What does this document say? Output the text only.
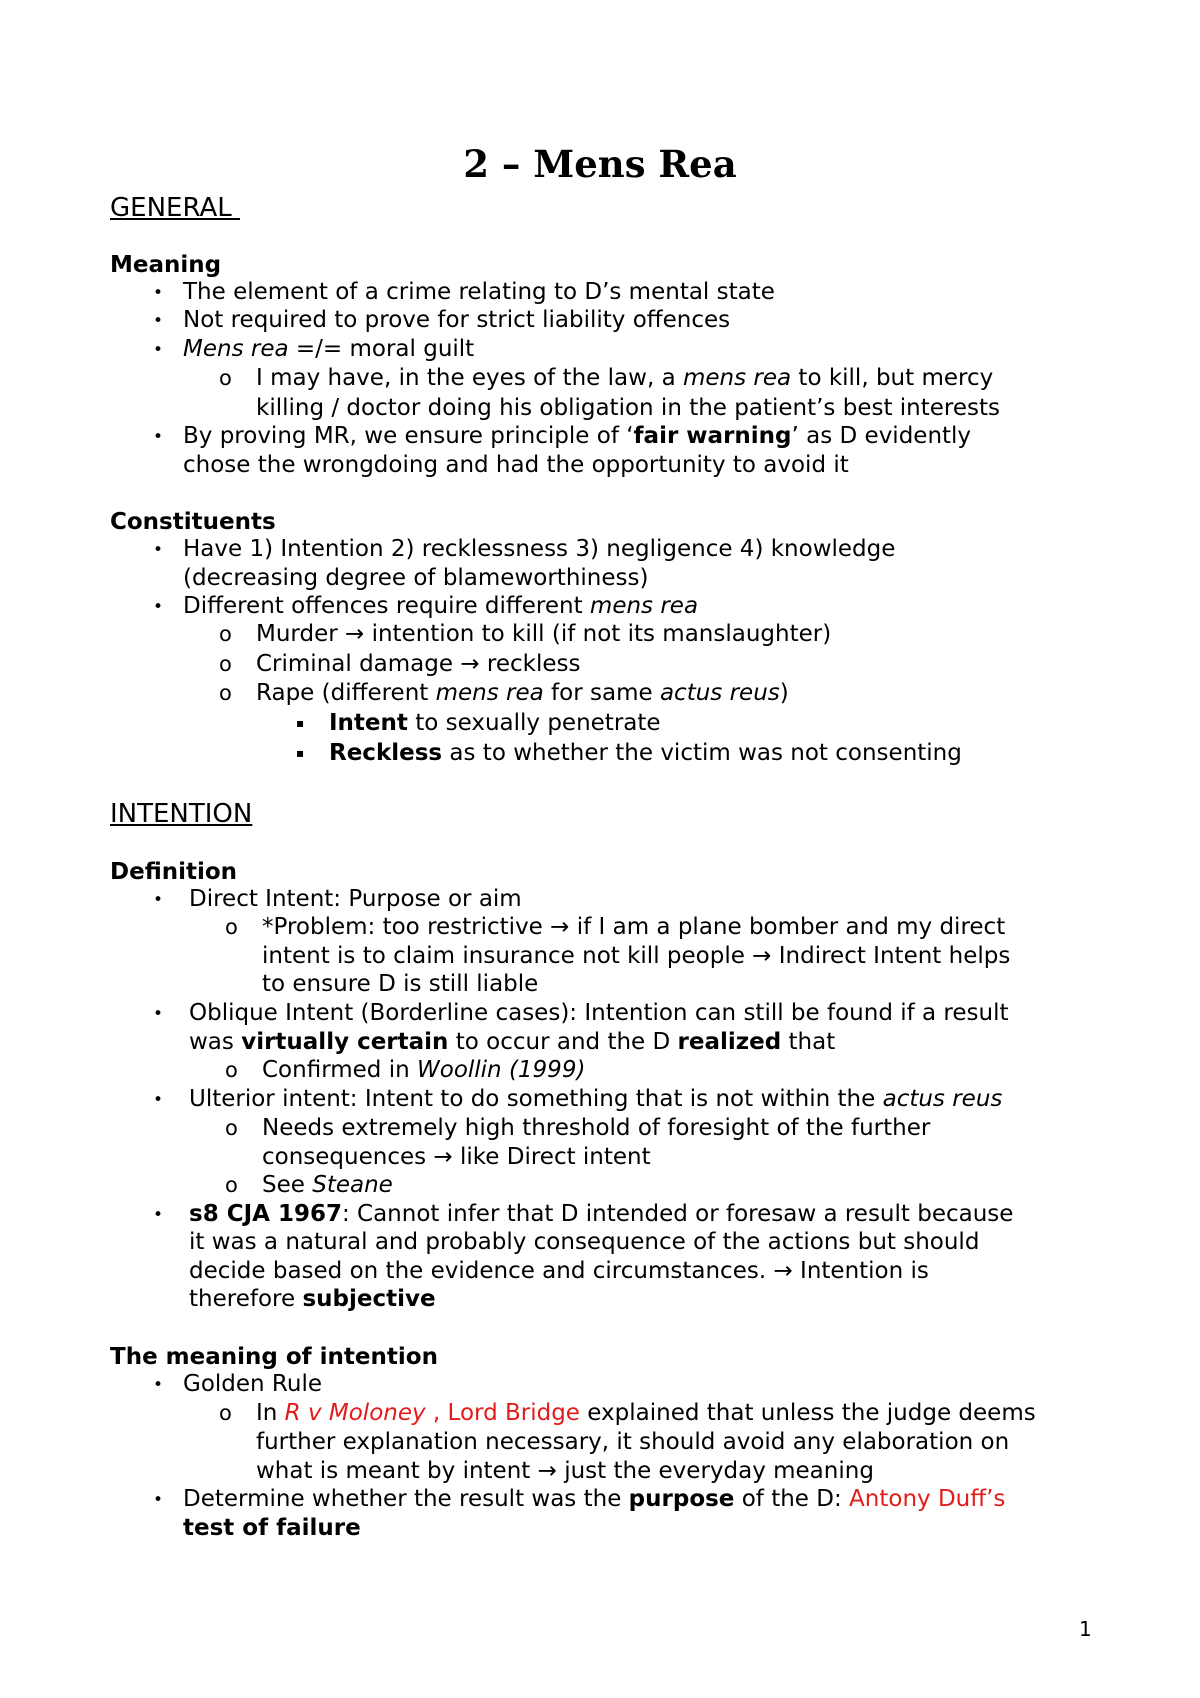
2 – Mens Rea
GENERAL
Meaning
• The element of a crime relating to D’s mental state
• Not required to prove for strict liability offences
• Mens rea =/= moral guilt
o I may have, in the eyes of the law, a mens rea to kill, but mercy
killing / doctor doing his obligation in the patient’s best interests
• By proving MR, we ensure principle of ‘fair warning’ as D evidently
chose the wrongdoing and had the opportunity to avoid it
Constituents
• Have 1) Intention 2) recklessness 3) negligence 4) knowledge
(decreasing degree of blameworthiness)
• Different offences require different mens rea
o Murder → intention to kill (if not its manslaughter)
o Criminal damage → reckless
o Rape (different mens rea for same actus reus)
▪ Intent to sexually penetrate
▪ Reckless as to whether the victim was not consenting
INTENTION
Definition
• Direct Intent: Purpose or aim
o *Problem: too restrictive → if I am a plane bomber and my direct
intent is to claim insurance not kill people → Indirect Intent helps
to ensure D is still liable
• Oblique Intent (Borderline cases): Intention can still be found if a result
was virtually certain to occur and the D realized that
o Confirmed in Woollin (1999)
• Ulterior intent: Intent to do something that is not within the actus reus
o Needs extremely high threshold of foresight of the further
consequences → like Direct intent
o See Steane
• s8 CJA 1967: Cannot infer that D intended or foresaw a result because
it was a natural and probably consequence of the actions but should
decide based on the evidence and circumstances. → Intention is
therefore subjective
The meaning of intention
• Golden Rule
o In R v Moloney , Lord Bridge explained that unless the judge deems
further explanation necessary, it should avoid any elaboration on
what is meant by intent → just the everyday meaning
• Determine whether the result was the purpose of the D: Antony Duff’s
test of failure
1
